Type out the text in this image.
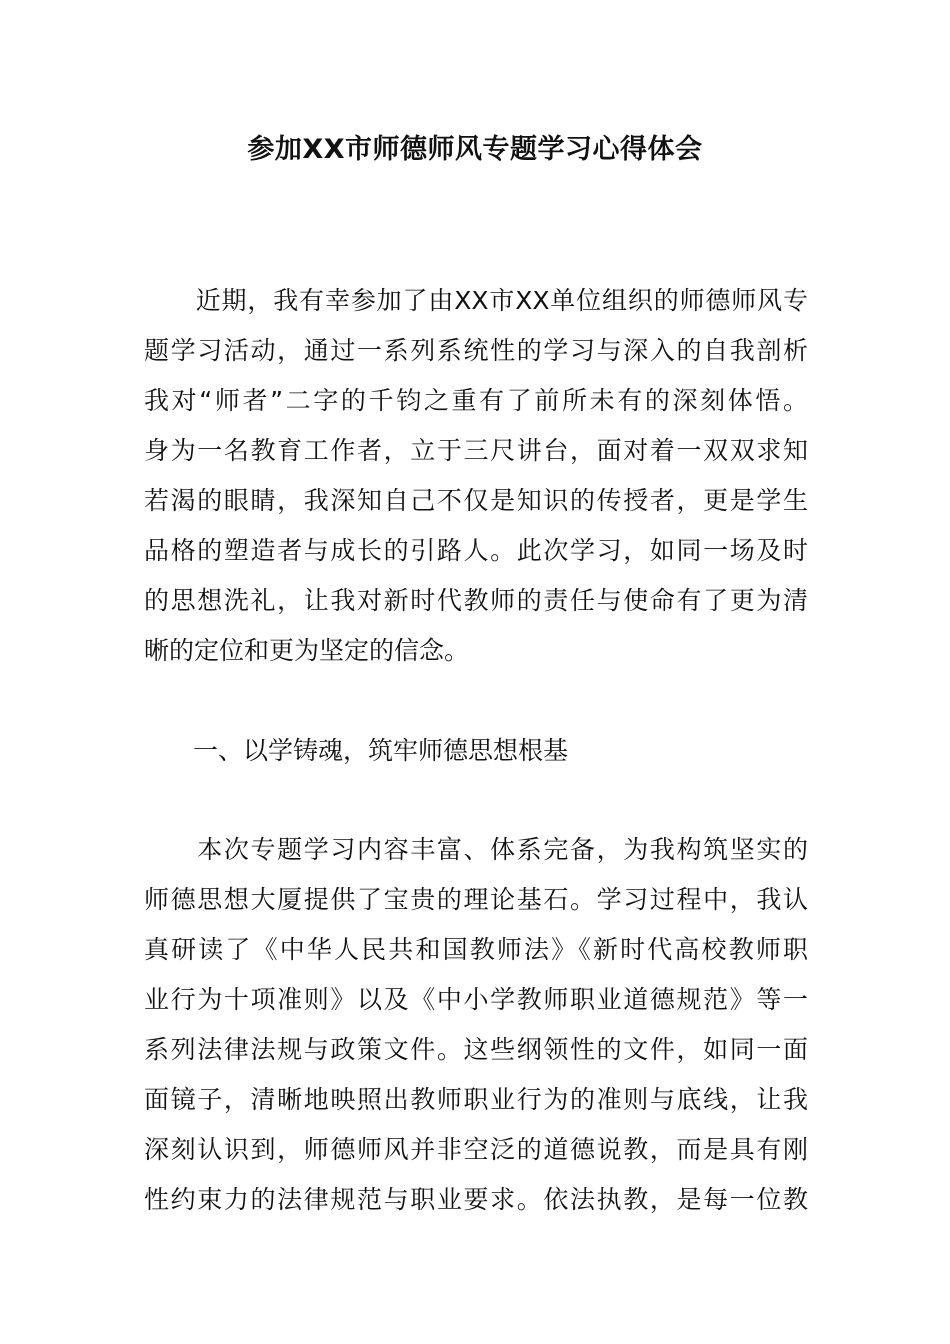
参加XX市师德师风专题学习心得体会
　　近期，我有幸参加了由XX市XX单位组织的师德师风专
题学习活动，通过一系列系统性的学习与深入的自我剖析
我对“师者”二字的千钧之重有了前所未有的深刻体悟。
身为一名教育工作者，立于三尺讲台，面对着一双双求知
若渴的眼睛，我深知自己不仅是知识的传授者，更是学生
品格的塑造者与成长的引路人。此次学习，如同一场及时
的思想洗礼，让我对新时代教师的责任与使命有了更为清
晰的定位和更为坚定的信念。
一、以学铸魂，筑牢师德思想根基
　　本次专题学习内容丰富、体系完备，为我构筑坚实的
师德思想大厦提供了宝贵的理论基石。学习过程中，我认
真研读了《中华人民共和国教师法》《新时代高校教师职
业行为十项准则》以及《中小学教师职业道德规范》等一
系列法律法规与政策文件。这些纲领性的文件，如同一面
面镜子，清晰地映照出教师职业行为的准则与底线，让我
深刻认识到，师德师风并非空泛的道德说教，而是具有刚
性约束力的法律规范与职业要求。依法执教，是每一位教
